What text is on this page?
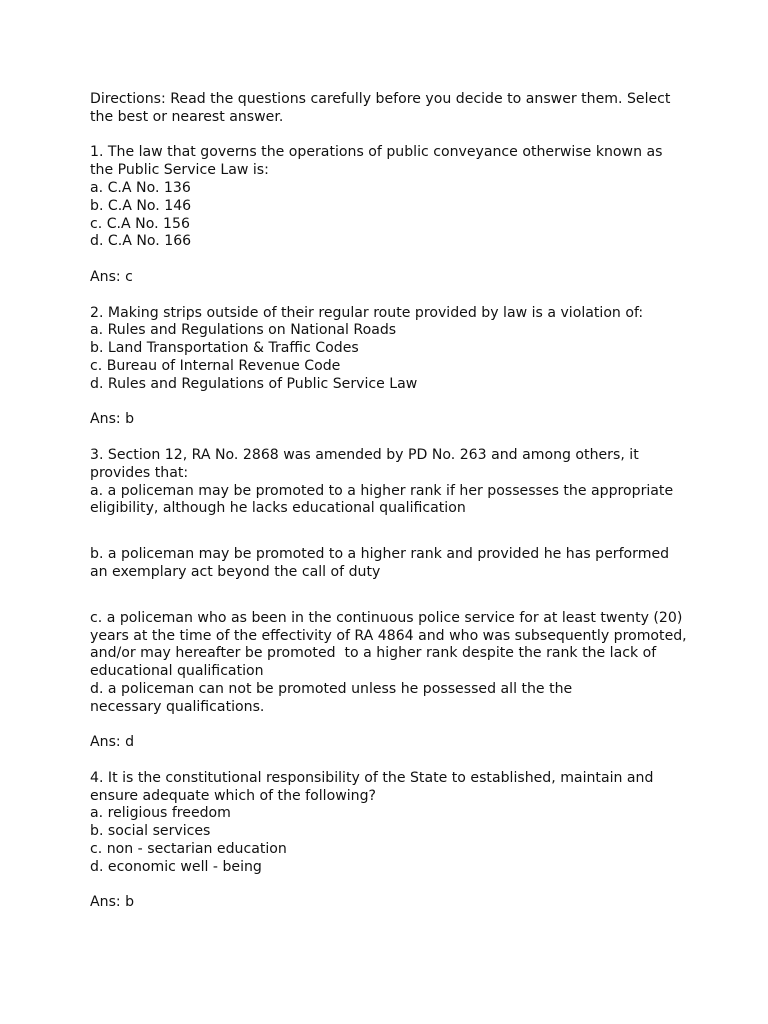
Directions: Read the questions carefully before you decide to answer them. Select
the best or nearest answer.
1. The law that governs the operations of public conveyance otherwise known as
the Public Service Law is:
a. C.A No. 136
b. C.A No. 146
c. C.A No. 156
d. C.A No. 166
Ans: c
2. Making strips outside of their regular route provided by law is a violation of:
a. Rules and Regulations on National Roads
b. Land Transportation & Traffic Codes
c. Bureau of Internal Revenue Code
d. Rules and Regulations of Public Service Law
Ans: b
3. Section 12, RA No. 2868 was amended by PD No. 263 and among others, it
provides that:
a. a policeman may be promoted to a higher rank if her possesses the appropriate
eligibility, although he lacks educational qualification
b. a policeman may be promoted to a higher rank and provided he has performed
an exemplary act beyond the call of duty
c. a policeman who as been in the continuous police service for at least twenty (20)
years at the time of the effectivity of RA 4864 and who was subsequently promoted,
and/or may hereafter be promoted  to a higher rank despite the rank the lack of
educational qualification
d. a policeman can not be promoted unless he possessed all the the
necessary qualifications.
Ans: d
4. It is the constitutional responsibility of the State to established, maintain and
ensure adequate which of the following?
a. religious freedom
b. social services
c. non - sectarian education
d. economic well - being
Ans: b
